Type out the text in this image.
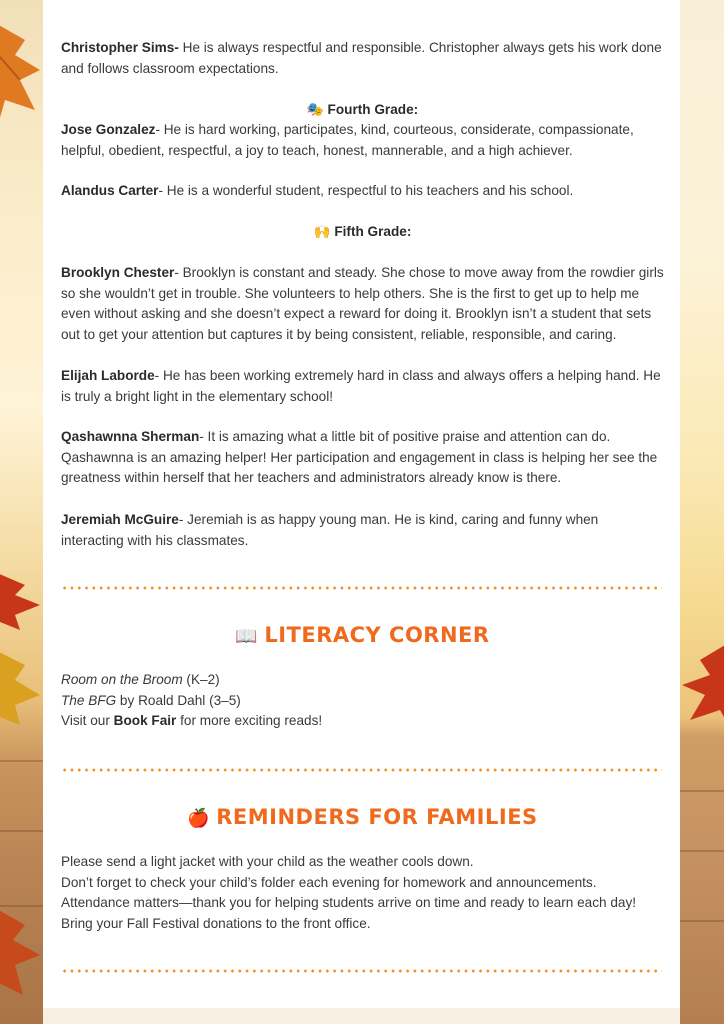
Christopher Sims- He is always respectful and responsible. Christopher always gets his work done and follows classroom expectations.

🎭 Fourth Grade:

Jose Gonzalez- He is hard working, participates, kind, courteous, considerate, compassionate, helpful, obedient, respectful, a joy to teach, honest, mannerable, and a high achiever.

Alandus Carter- He is a wonderful student, respectful to his teachers and his school.

🙌 Fifth Grade:

Brooklyn Chester- Brooklyn is constant and steady. She chose to move away from the rowdier girls so she wouldn’t get in trouble. She volunteers to help others. She is the first to get up to help me even without asking and she doesn’t expect a reward for doing it. Brooklyn isn’t a student that sets out to get your attention but captures it by being consistent, reliable, responsible, and caring.

Elijah Laborde- He has been working extremely hard in class and always offers a helping hand. He is truly a bright light in the elementary school!

Qashawnna Sherman- It is amazing what a little bit of positive praise and attention can do. Qashawnna is an amazing helper! Her participation and engagement in class is helping her see the greatness within herself that her teachers and administrators already know is there.

Jeremiah McGuire- Jeremiah is as happy young man. He is kind, caring and funny when interacting with his classmates.

📖 LITERACY CORNER

Room on the Broom (K–2)

The BFG by Roald Dahl (3–5)

Visit our Book Fair for more exciting reads!

🍎 REMINDERS FOR FAMILIES

Please send a light jacket with your child as the weather cools down.

Don’t forget to check your child’s folder each evening for homework and announcements.

Attendance matters—thank you for helping students arrive on time and ready to learn each day!

Bring your Fall Festival donations to the front office.
